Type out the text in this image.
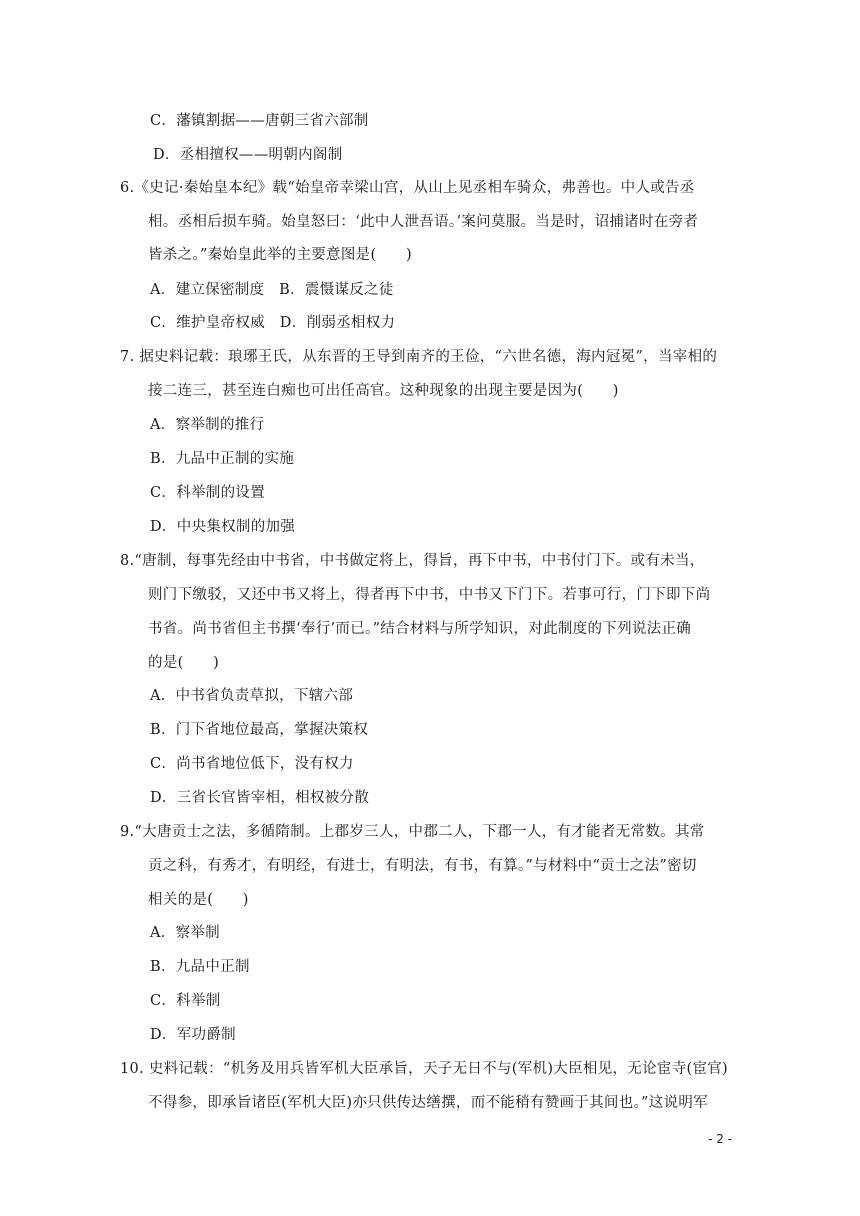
C．藩镇割据——唐朝三省六部制
D．丞相擅权——明朝内阁制
6.《史记·秦始皇本纪》载“始皇帝幸梁山宫，从山上见丞相车骑众，弗善也。中人或告丞
相。丞相后损车骑。始皇怒曰：‘此中人泄吾语。’案问莫服。当是时，诏捕诸时在旁者
皆杀之。”秦始皇此举的主要意图是(　　)
A．建立保密制度　B．震慑谋反之徒
C．维护皇帝权威　D．削弱丞相权力
7. 据史料记载：琅琊王氏，从东晋的王导到南齐的王俭，“六世名德，海内冠冕”，当宰相的
接二连三，甚至连白痴也可出任高官。这种现象的出现主要是因为(　　)
A．察举制的推行
B．九品中正制的实施
C．科举制的设置
D．中央集权制的加强
8.“唐制，每事先经由中书省，中书做定将上，得旨，再下中书，中书付门下。或有未当，
则门下缴驳，又还中书又将上，得者再下中书，中书又下门下。若事可行，门下即下尚
书省。尚书省但主书撰‘奉行’而已。”结合材料与所学知识，对此制度的下列说法正确
的是(　　)
A．中书省负责草拟，下辖六部
B．门下省地位最高，掌握决策权
C．尚书省地位低下，没有权力
D．三省长官皆宰相，相权被分散
9.“大唐贡士之法，多循隋制。上郡岁三人，中郡二人，下郡一人，有才能者无常数。其常
贡之科，有秀才，有明经，有进士，有明法，有书，有算。”与材料中“贡士之法”密切
相关的是(　　)
A．察举制
B．九品中正制
C．科举制
D．军功爵制
10. 史料记载：“机务及用兵皆军机大臣承旨，天子无日不与(军机)大臣相见，无论宦寺(宦官)
不得参，即承旨诸臣(军机大臣)亦只供传达缮撰，而不能稍有赞画于其间也。”这说明军
- 2 -
